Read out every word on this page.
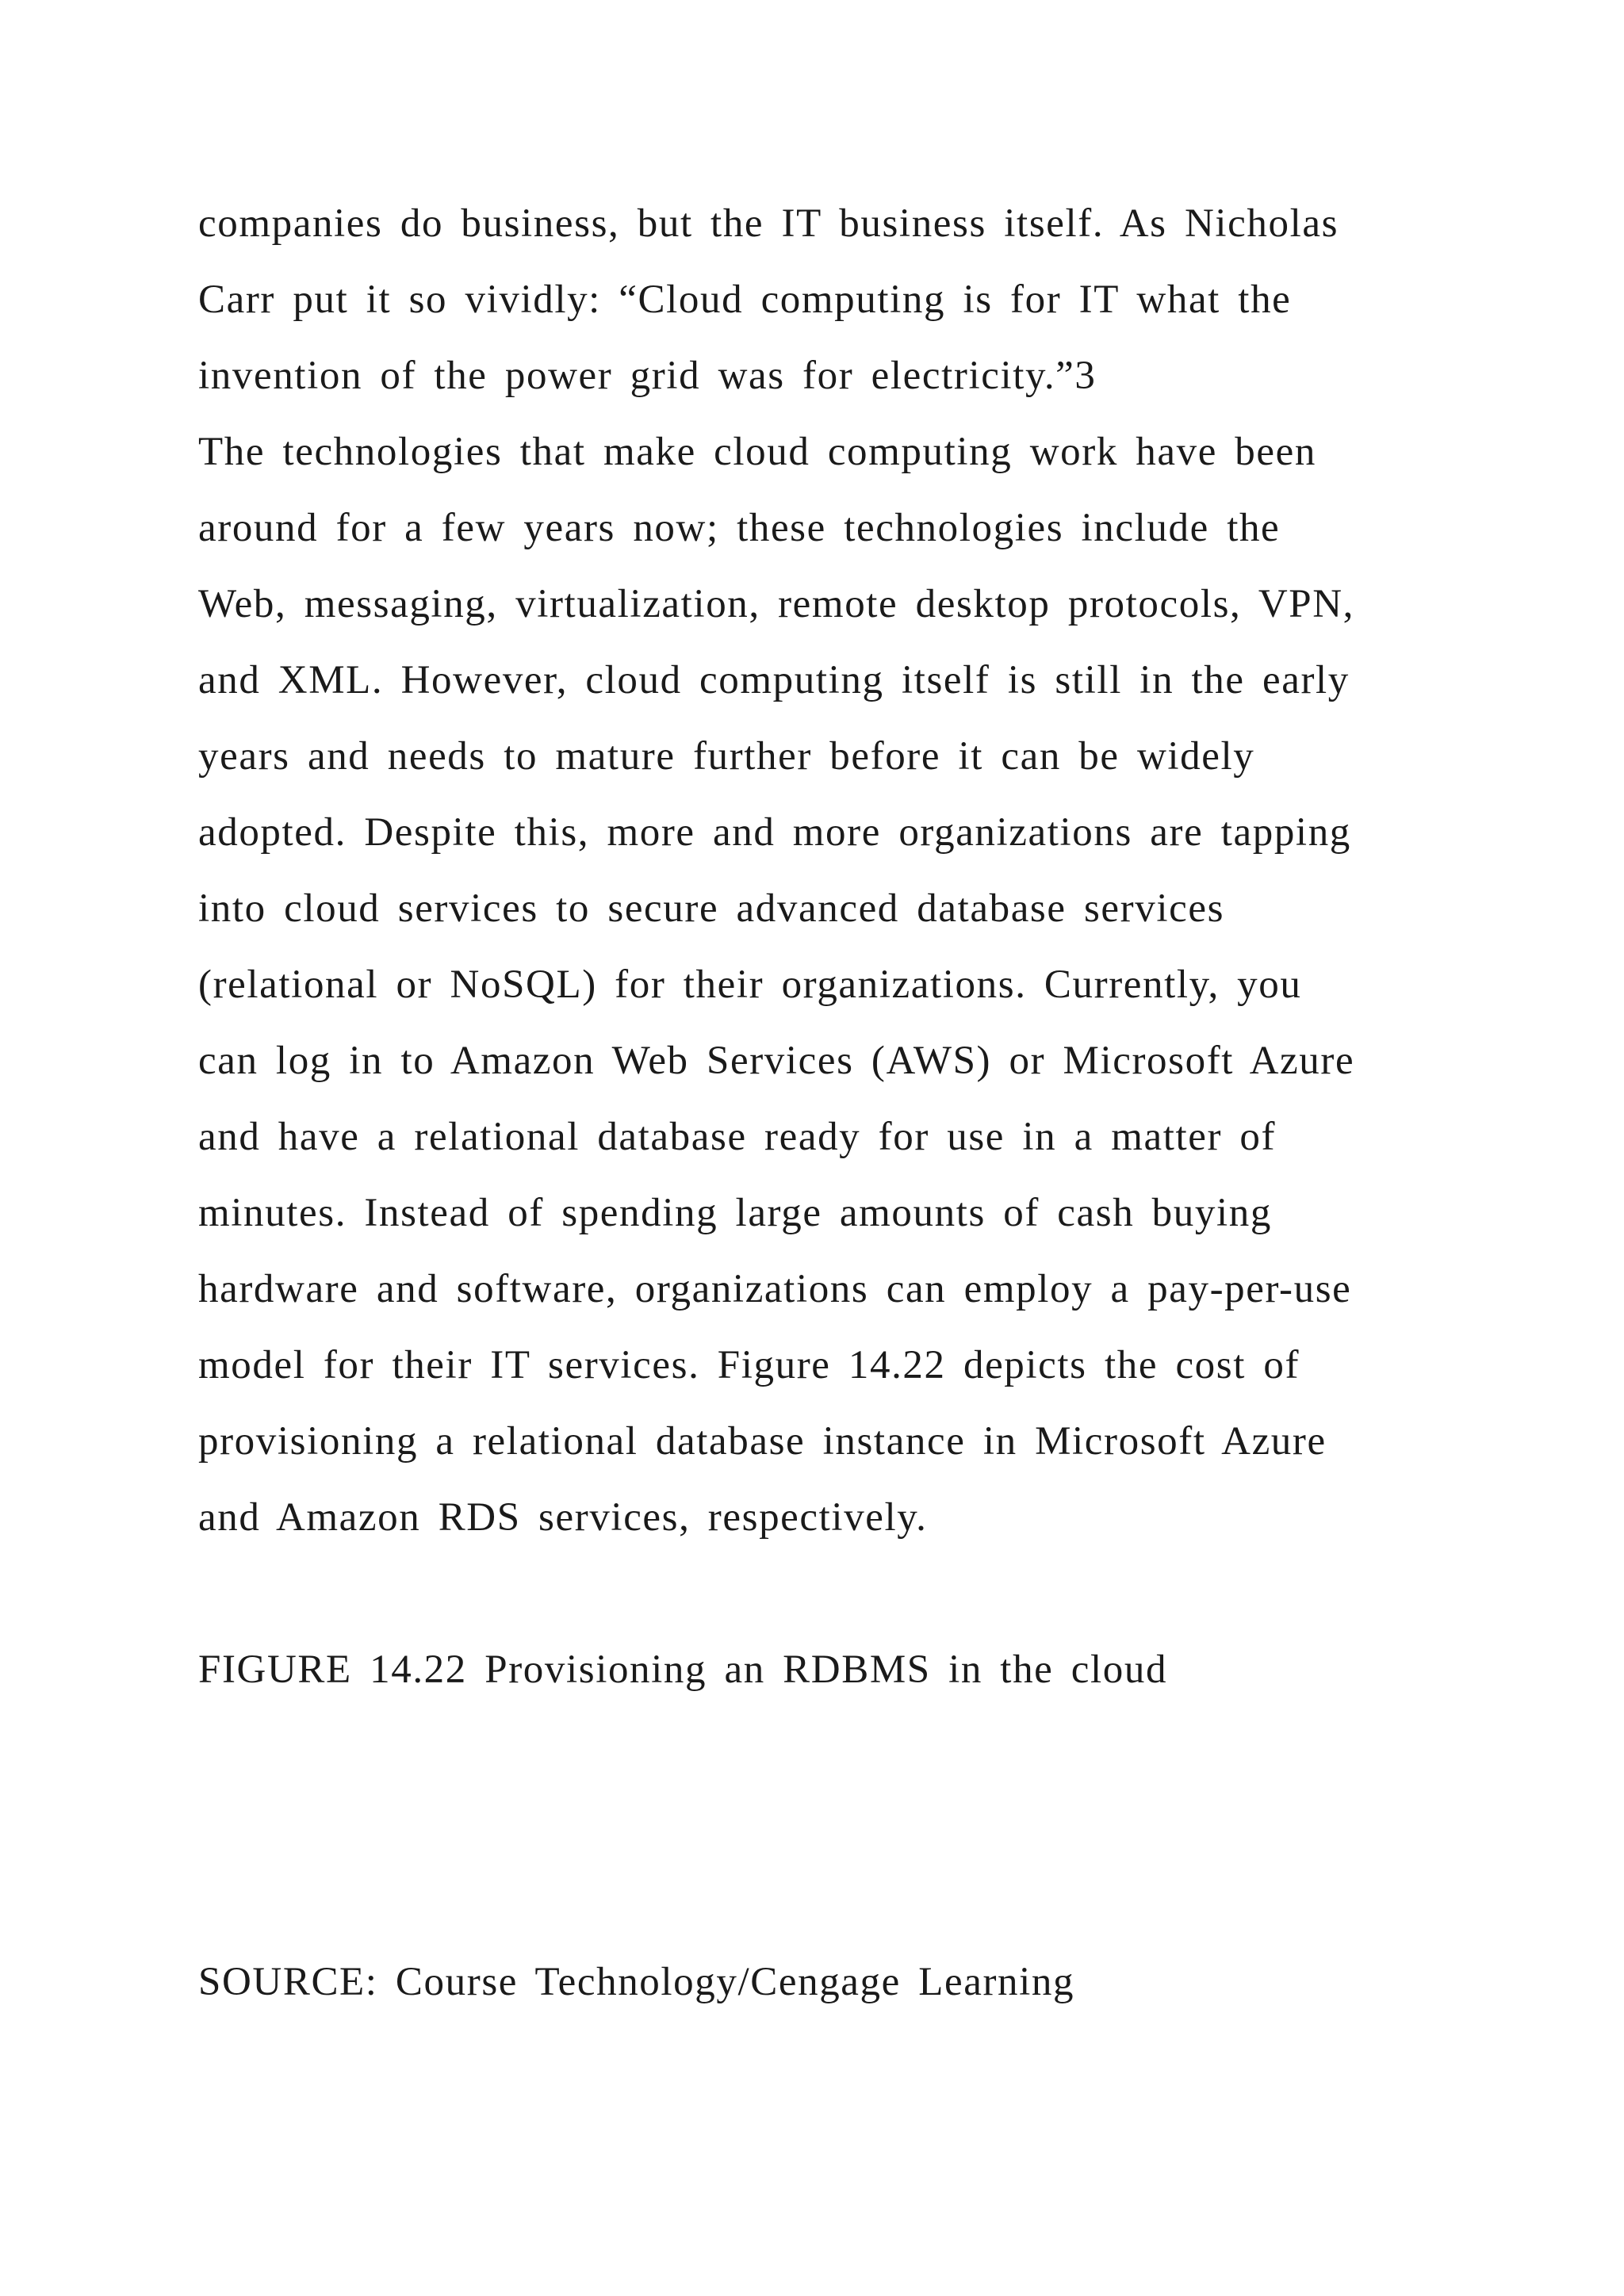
companies do business, but the IT business itself. As Nicholas

Carr put it so vividly: “Cloud computing is for IT what the

invention of the power grid was for electricity.”3

The technologies that make cloud computing work have been

around for a few years now; these technologies include the

Web, messaging, virtualization, remote desktop protocols, VPN,

and XML. However, cloud computing itself is still in the early

years and needs to mature further before it can be widely

adopted. Despite this, more and more organizations are tapping

into cloud services to secure advanced database services

(relational or NoSQL) for their organizations. Currently, you

can log in to Amazon Web Services (AWS) or Microsoft Azure

and have a relational database ready for use in a matter of

minutes. Instead of spending large amounts of cash buying

hardware and software, organizations can employ a pay-per-use

model for their IT services. Figure 14.22 depicts the cost of

provisioning a relational database instance in Microsoft Azure

and Amazon RDS services, respectively.

FIGURE 14.22 Provisioning an RDBMS in the cloud

SOURCE: Course Technology/Cengage Learning
